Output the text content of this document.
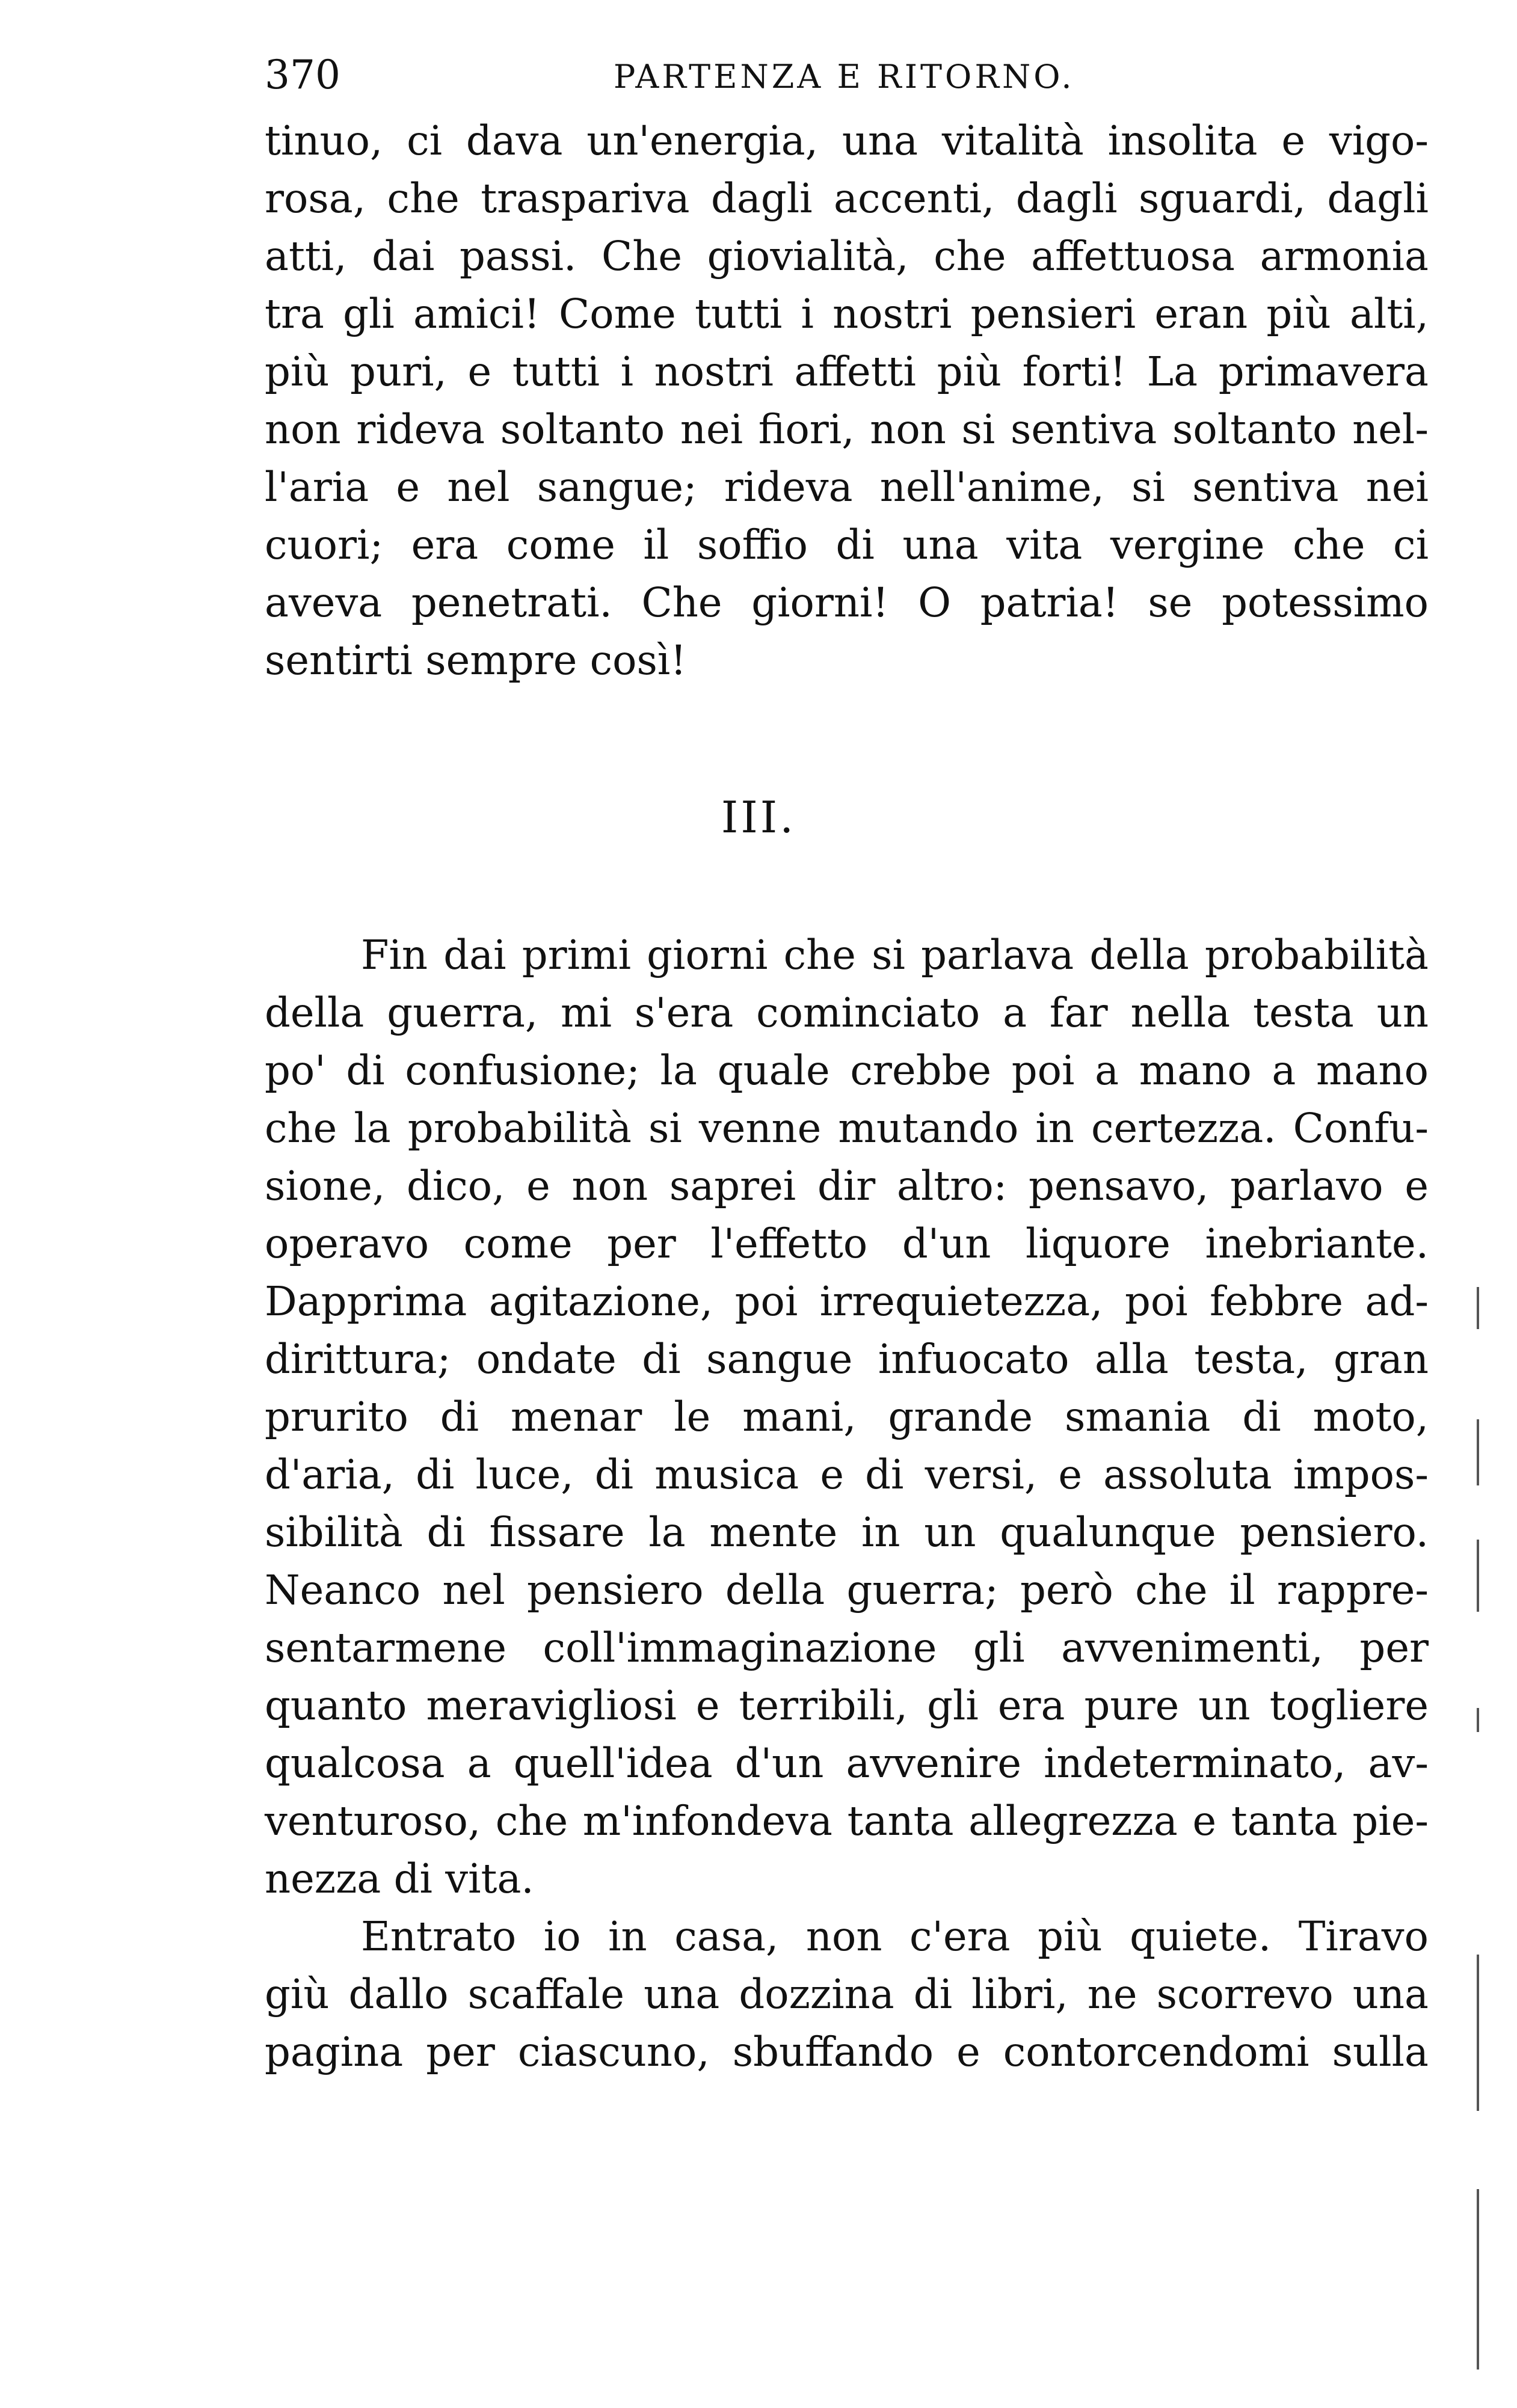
370	PARTENZA E RITORNO.
tinuo, ci dava un'energia, una vitalità insolita e vigo-
rosa, che traspariva dagli accenti, dagli sguardi, dagli
atti, dai passi. Che giovialità, che affettuosa armonia
tra gli amici! Come tutti i nostri pensieri eran più alti,
più puri, e tutti i nostri affetti più forti! La primavera
non rideva soltanto nei fiori, non si sentiva soltanto nel-
l'aria e nel sangue; rideva nell'anime, si sentiva nei
cuori; era come il soffio di una vita vergine che ci
aveva penetrati. Che giorni! O patria! se potessimo
sentirti sempre così!
III.
Fin dai primi giorni che si parlava della probabilità
della guerra, mi s'era cominciato a far nella testa un
po' di confusione; la quale crebbe poi a mano a mano
che la probabilità si venne mutando in certezza. Confu-
sione, dico, e non saprei dir altro: pensavo, parlavo e
operavo come per l'effetto d'un liquore inebriante.
Dapprima agitazione, poi irrequietezza, poi febbre ad-
dirittura; ondate di sangue infuocato alla testa, gran
prurito di menar le mani, grande smania di moto,
d'aria, di luce, di musica e di versi, e assoluta impos-
sibilità di fissare la mente in un qualunque pensiero.
Neanco nel pensiero della guerra; però che il rappre-
sentarmene coll'immaginazione gli avvenimenti, per
quanto meravigliosi e terribili, gli era pure un togliere
qualcosa a quell'idea d'un avvenire indeterminato, av-
venturoso, che m'infondeva tanta allegrezza e tanta pie-
nezza di vita.
Entrato io in casa, non c'era più quiete. Tiravo
giù dallo scaffale una dozzina di libri, ne scorrevo una
pagina per ciascuno, sbuffando e contorcendomi sulla
